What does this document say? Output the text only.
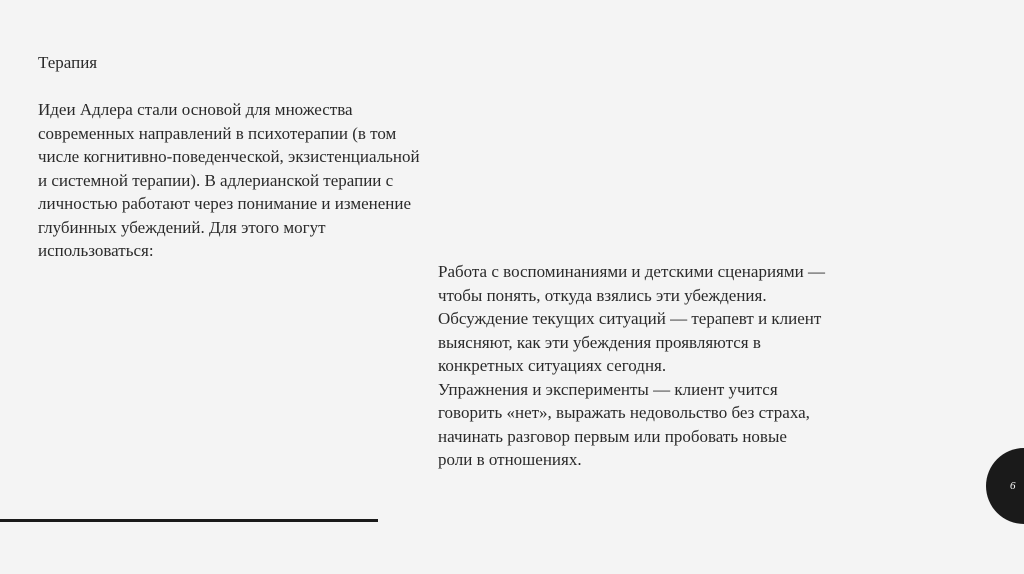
Терапия

Идеи Адлера стали основой для множества
современных направлений в психотерапии (в том
числе когнитивно-поведенческой, экзистенциальной
и системной терапии). В адлерианской терапии с
личностью работают через понимание и изменение
глубинных убеждений. Для этого могут
использоваться:

Работа с воспоминаниями и детскими сценариями —
чтобы понять, откуда взялись эти убеждения.
Обсуждение текущих ситуаций — терапевт и клиент
выясняют, как эти убеждения проявляются в
конкретных ситуациях сегодня.
Упражнения и эксперименты — клиент учится
говорить «нет», выражать недовольство без страха,
начинать разговор первым или пробовать новые
роли в отношениях.
6
